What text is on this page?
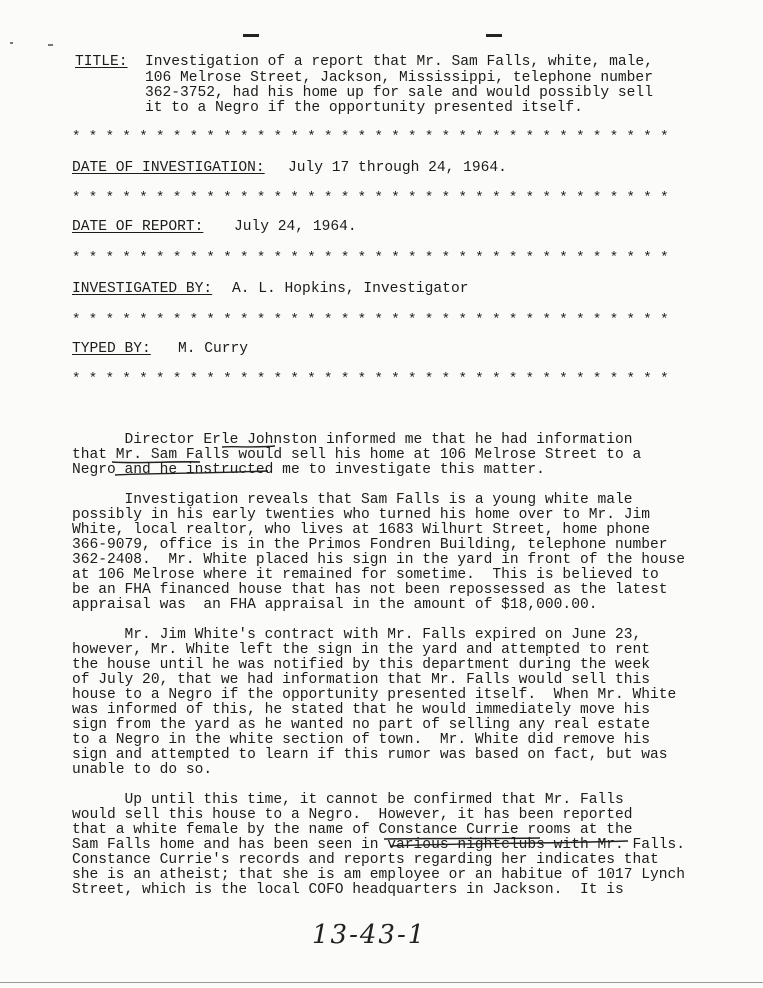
TITLE: Investigation of a report that Mr. Sam Falls, white, male,
106 Melrose Street, Jackson, Mississippi, telephone number
362-3752, had his home up for sale and would possibly sell
it to a Negro if the opportunity presented itself.
* * * * * * * * * * * * * * * * * * * * * * * * * * * * * * * * * * * *
DATE OF INVESTIGATION: July 17 through 24, 1964.
* * * * * * * * * * * * * * * * * * * * * * * * * * * * * * * * * * * *
DATE OF REPORT: July 24, 1964.
* * * * * * * * * * * * * * * * * * * * * * * * * * * * * * * * * * * *
INVESTIGATED BY: A. L. Hopkins, Investigator
* * * * * * * * * * * * * * * * * * * * * * * * * * * * * * * * * * * *
TYPED BY: M. Curry
* * * * * * * * * * * * * * * * * * * * * * * * * * * * * * * * * * * *
Director Erle Johnston informed me that he had information
that Mr. Sam Falls would sell his home at 106 Melrose Street to a
Negro and he instructed me to investigate this matter.
Investigation reveals that Sam Falls is a young white male
possibly in his early twenties who turned his home over to Mr. Jim
White, local realtor, who lives at 1683 Wilhurt Street, home phone
366-9079, office is in the Primos Fondren Building, telephone number
362-2408.  Mr. White placed his sign in the yard in front of the house
at 106 Melrose where it remained for sometime.  This is believed to
be an FHA financed house that has not been repossessed as the latest
appraisal was  an FHA appraisal in the amount of $18,000.00.
Mr. Jim White's contract with Mr. Falls expired on June 23,
however, Mr. White left the sign in the yard and attempted to rent
the house until he was notified by this department during the week
of July 20, that we had information that Mr. Falls would sell this
house to a Negro if the opportunity presented itself.  When Mr. White
was informed of this, he stated that he would immediately move his
sign from the yard as he wanted no part of selling any real estate
to a Negro in the white section of town.  Mr. White did remove his
sign and attempted to learn if this rumor was based on fact, but was
unable to do so.
Up until this time, it cannot be confirmed that Mr. Falls
would sell this house to a Negro.  However, it has been reported
that a white female by the name of Constance Currie rooms at the
Sam Falls home and has been seen in various nightclubs with Mr. Falls.
Constance Currie's records and reports regarding her indicates that
she is an atheist; that she is am employee or an habitue of 1017 Lynch
Street, which is the local COFO headquarters in Jackson.  It is
13-43-1
